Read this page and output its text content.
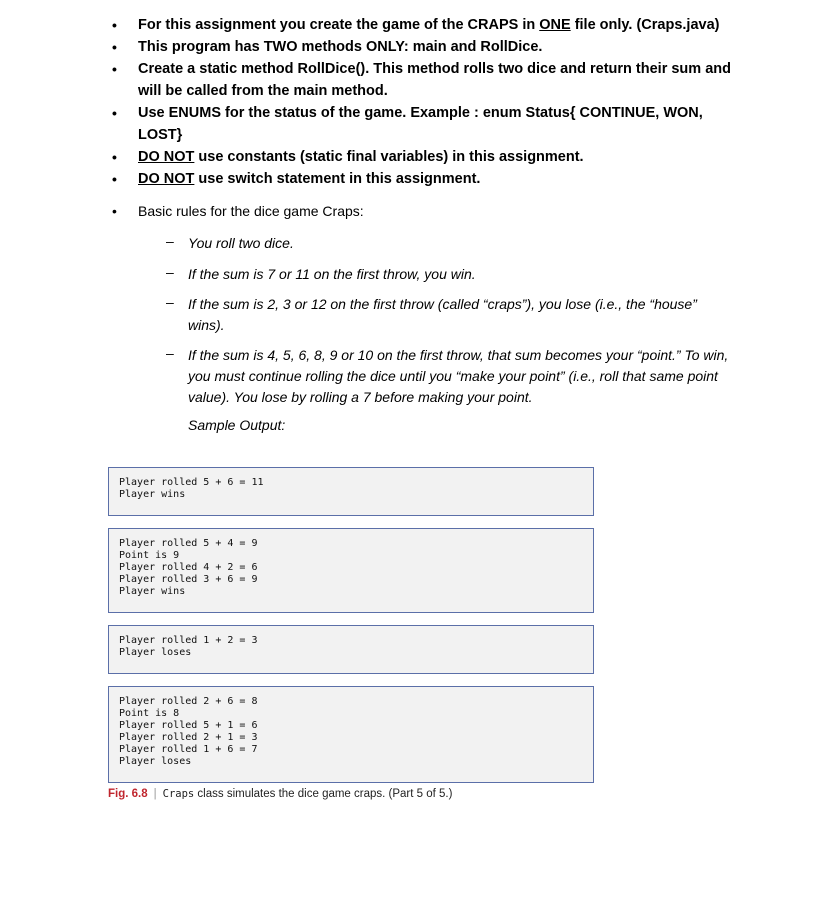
• For this assignment you create the game of the CRAPS in ONE file only. (Craps.java)
• This program has TWO methods ONLY: main and RollDice.
• Create a static method RollDice(). This method rolls two dice and return their sum and
will be called from the main method.
• Use ENUMS for the status of the game. Example : enum Status{ CONTINUE, WON,
LOST}
• DO NOT use constants (static final variables) in this assignment.
• DO NOT use switch statement in this assignment.
• Basic rules for the dice game Craps:
– You roll two dice.
– If the sum is 7 or 11 on the first throw, you win.
– If the sum is 2, 3 or 12 on the first throw (called “craps”), you lose (i.e., the “house”
wins).
– If the sum is 4, 5, 6, 8, 9 or 10 on the first throw, that sum becomes your “point.” To win,
you must continue rolling the dice until you “make your point” (i.e., roll that same point
value). You lose by rolling a 7 before making your point.
Sample Output:
Player rolled 5 + 6 = 11
Player wins
Player rolled 5 + 4 = 9
Point is 9
Player rolled 4 + 2 = 6
Player rolled 3 + 6 = 9
Player wins
Player rolled 1 + 2 = 3
Player loses
Player rolled 2 + 6 = 8
Point is 8
Player rolled 5 + 1 = 6
Player rolled 2 + 1 = 3
Player rolled 1 + 6 = 7
Player loses
Fig. 6.8 | Craps class simulates the dice game craps. (Part 5 of 5.)
